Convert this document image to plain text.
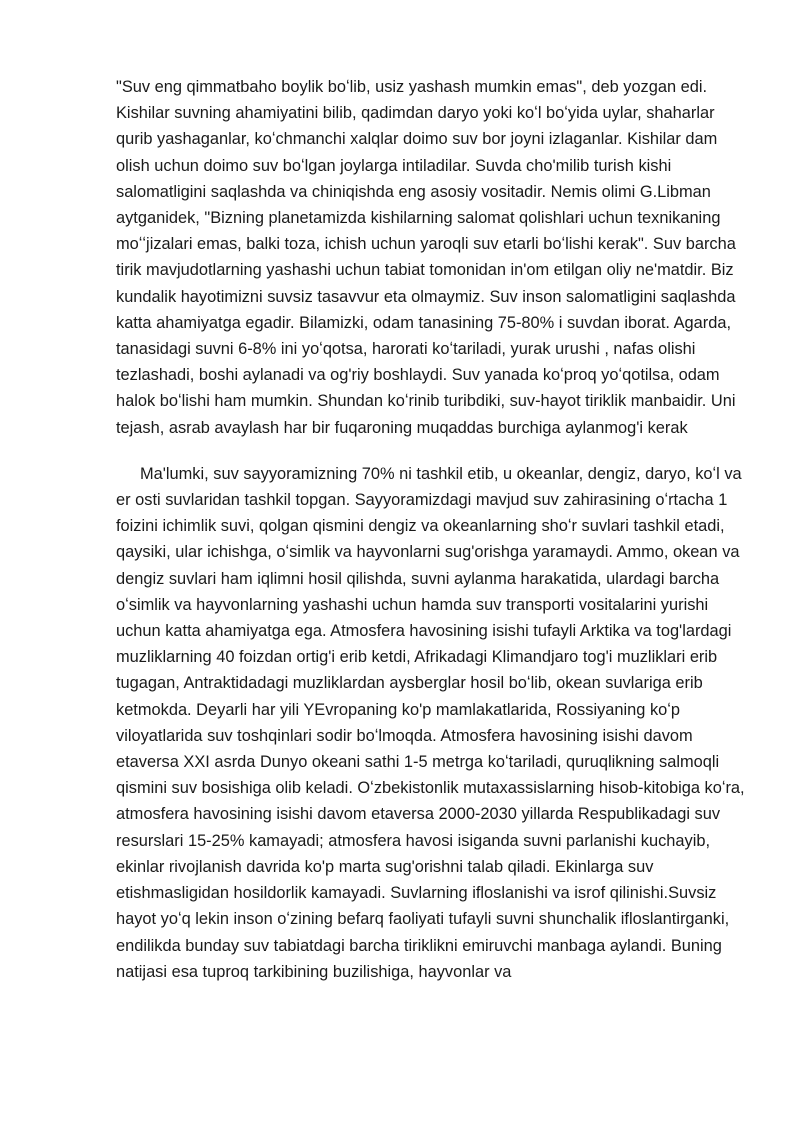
"Suv eng qimmatbaho boylik boʻlib, usiz yashash mumkin emas", deb yozgan edi. Kishilar suvning ahamiyatini bilib, qadimdan daryo yoki koʻl boʻyida uylar, shaharlar qurib yashaganlar, koʻchmanchi xalqlar doimo suv bor joyni izlaganlar. Kishilar dam olish uchun doimo suv boʻlgan joylarga intiladilar. Suvda cho'milib turish kishi salomatligini saqlashda va chiniqishda eng asosiy vositadir. Nemis olimi G.Libman aytganidek, "Bizning planetamizda kishilarning salomat qolishlari uchun texnikaning moʻʻjizalari emas, balki toza, ichish uchun yaroqli suv etarli boʻlishi kerak". Suv barcha tirik mavjudotlarning yashashi uchun tabiat tomonidan in'om etilgan oliy ne'matdir. Biz kundalik hayotimizni suvsiz tasavvur eta olmaymiz. Suv inson salomatligini saqlashda katta ahamiyatga egadir. Bilamizki, odam tanasining 75-80% i suvdan iborat. Agarda, tanasidagi suvni 6-8% ini yoʻqotsa, harorati koʻtariladi, yurak urushi , nafas olishi tezlashadi, boshi aylanadi va og'riy boshlaydi. Suv yanada koʻproq yoʻqotilsa, odam halok boʻlishi ham mumkin. Shundan koʻrinib turibdiki, suv-hayot tiriklik manbaidir. Uni tejash, asrab avaylash har bir fuqaroning muqaddas burchiga aylanmog'i kerak

Ma'lumki, suv sayyoramizning 70% ni tashkil etib, u okeanlar, dengiz, daryo, koʻl va er osti suvlaridan tashkil topgan. Sayyoramizdagi mavjud suv zahirasining oʻrtacha 1 foizini ichimlik suvi, qolgan qismini dengiz va okeanlarning shoʻr suvlari tashkil etadi, qaysiki, ular ichishga, oʻsimlik va hayvonlarni sug'orishga yaramaydi. Ammo, okean va dengiz suvlari ham iqlimni hosil qilishda, suvni aylanma harakatida, ulardagi barcha oʻsimlik va hayvonlarning yashashi uchun hamda suv transporti vositalarini yurishi uchun katta ahamiyatga ega. Atmosfera havosining isishi tufayli Arktika va tog'lardagi muzliklarning 40 foizdan ortig'i erib ketdi, Afrikadagi Klimandjaro tog'i muzliklari erib tugagan, Antraktidadagi muzliklardan aysberglar hosil boʻlib, okean suvlariga erib ketmokda. Deyarli har yili YEvropaning ko'p mamlakatlarida, Rossiyaning koʻp viloyatlarida suv toshqinlari sodir boʻlmoqda. Atmosfera havosining isishi davom etaversa XXI asrda Dunyo okeani sathi 1-5 metrga koʻtariladi, quruqlikning salmoqli qismini suv bosishiga olib keladi. Oʻzbekistonlik mutaxassislarning hisob-kitobiga koʻra, atmosfera havosining isishi davom etaversa 2000-2030 yillarda Respublikadagi suv resurslari 15-25% kamayadi; atmosfera havosi isiganda suvni parlanishi kuchayib, ekinlar rivojlanish davrida ko'p marta sug'orishni talab qiladi. Ekinlarga suv etishmasligidan hosildorlik kamayadi. Suvlarning ifloslanishi va isrof qilinishi.Suvsiz hayot yoʻq lekin inson oʻzining befarq faoliyati tufayli suvni shunchalik ifloslantirganki, endilikda bunday suv tabiatdagi barcha tiriklikni emiruvchi manbaga aylandi. Buning natijasi esa tuproq tarkibining buzilishiga, hayvonlar va
